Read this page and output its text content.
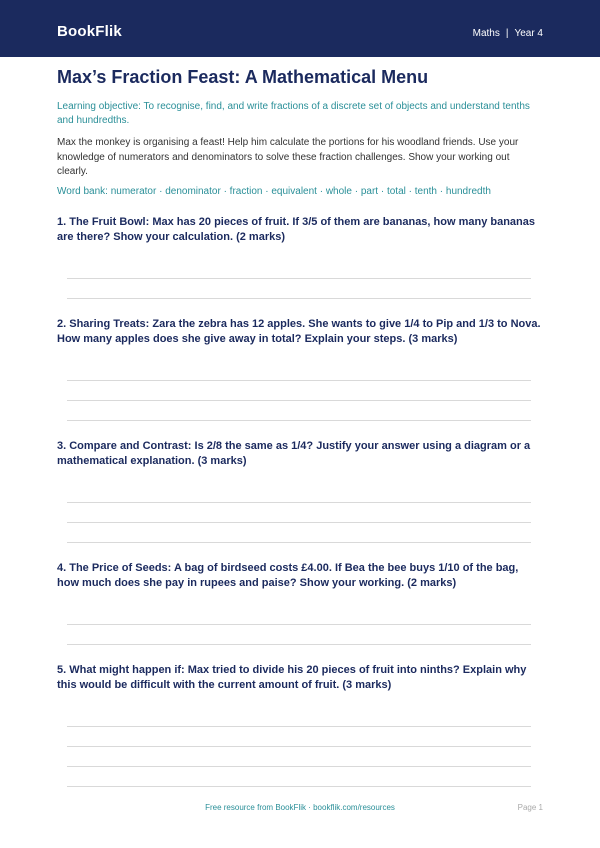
BookFlik	Maths | Year 4
Max’s Fraction Feast: A Mathematical Menu
Learning objective: To recognise, find, and write fractions of a discrete set of objects and understand tenths and hundredths.
Max the monkey is organising a feast! Help him calculate the portions for his woodland friends. Use your knowledge of numerators and denominators to solve these fraction challenges. Show your working out clearly.
Word bank: numerator · denominator · fraction · equivalent · whole · part · total · tenth · hundredth
1. The Fruit Bowl: Max has 20 pieces of fruit. If 3/5 of them are bananas, how many bananas are there? Show your calculation. (2 marks)
2. Sharing Treats: Zara the zebra has 12 apples. She wants to give 1/4 to Pip and 1/3 to Nova. How many apples does she give away in total? Explain your steps. (3 marks)
3. Compare and Contrast: Is 2/8 the same as 1/4? Justify your answer using a diagram or a mathematical explanation. (3 marks)
4. The Price of Seeds: A bag of birdseed costs £4.00. If Bea the bee buys 1/10 of the bag, how much does she pay in rupees and paise? Show your working. (2 marks)
5. What might happen if: Max tried to divide his 20 pieces of fruit into ninths? Explain why this would be difficult with the current amount of fruit. (3 marks)
Free resource from BookFlik · bookflik.com/resources	Page 1
